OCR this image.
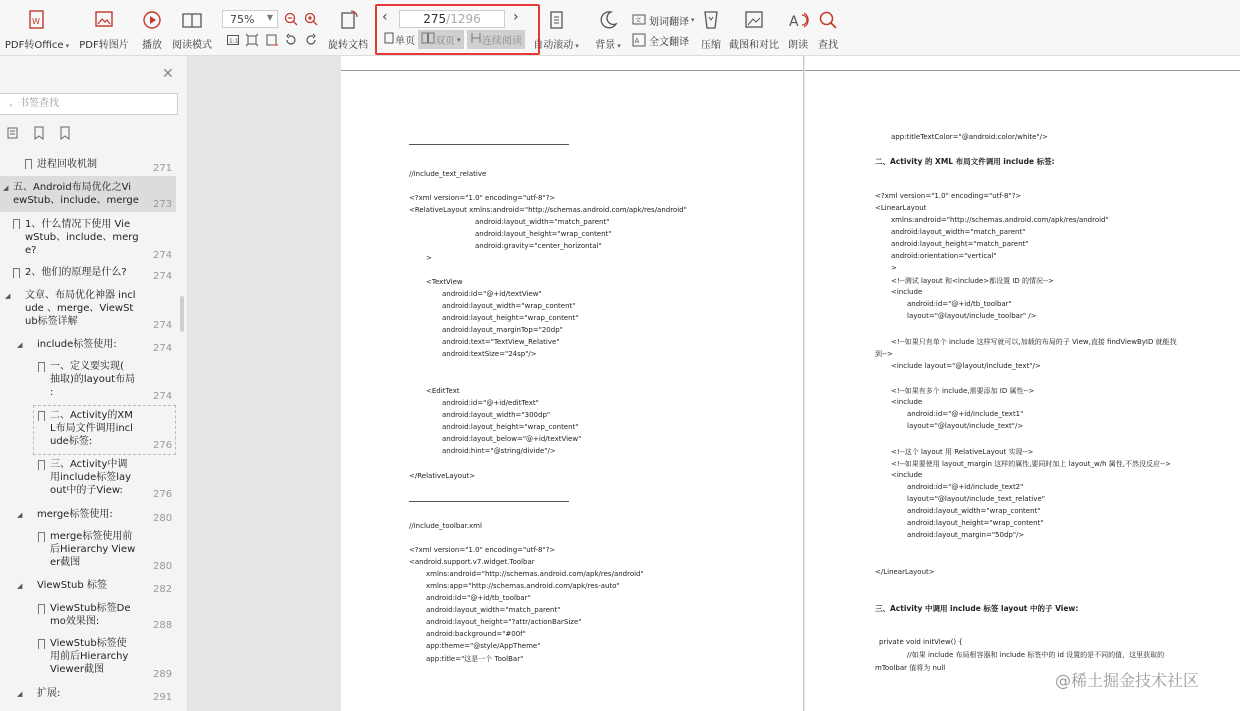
W
PDF转Office ▾ PDF转图片 播放 阅读模式
75% ▼
1:1	旋转文档
‹	275/1296	›
单页 双页 ▾ 连续阅读 自动滚动 ▾ 背景 ▾
文 划词翻译 ▾
A 全文翻译 压缩 截图和对比
A
朗读 查找
✕
、书签查找
进程回收机制	271
◢ 五、Android布局优化之Vi
ewStub、include、merge 273
1、什么情况下使用 Vie
wStub、include、merg
e?	274
2、他们的原理是什么?	274
◢ 文章、布局优化神器 incl
ude 、merge、ViewSt
ub标签详解	274
◢ include标签使用:	274
一、定义要实现(
抽取)的layout布局
:	274
二、Activity的XM
L布局文件调用incl
ude标签:	276
三、Activity中调
用include标签lay
out中的子View:	276
◢ merge标签使用:	280
merge标签使用前
后Hierarchy View
er截图	280
◢ ViewStub 标签	282
ViewStub标签De
mo效果图:	288
ViewStub标签使
用前后Hierarchy
Viewer截图	289
◢ 扩展:	291
//include_text_relative
<?xml version="1.0" encoding="utf-8"?>
<RelativeLayout xmlns:android="http://schemas.android.com/apk/res/android"
android:layout_width="match_parent"
android:layout_height="wrap_content"
android:gravity="center_horizontal"
>
<TextView
android:id="@+id/textView"
android:layout_width="wrap_content"
android:layout_height="wrap_content"
android:layout_marginTop="20dp"
android:text="TextView_Relative"
android:textSize="24sp"/>
<EditText
android:id="@+id/editText"
android:layout_width="300dp"
android:layout_height="wrap_content"
android:layout_below="@+id/textView"
android:hint="@string/divide"/>
</RelativeLayout>
//include_toolbar.xml
<?xml version="1.0" encoding="utf-8"?>
<android.support.v7.widget.Toolbar
xmlns:android="http://schemas.android.com/apk/res/android"
xmlns:app="http://schemas.android.com/apk/res-auto"
android:id="@+id/tb_toolbar"
android:layout_width="match_parent"
android:layout_height="?attr/actionBarSize"
android:background="#00f"
app:theme="@style/AppTheme"
app:title="这是一个 ToolBar"
app:titleTextColor="@android:color/white"/>
二、Activity 的 XML 布局文件调用 include 标签:
<?xml version="1.0" encoding="utf-8"?>
<LinearLayout
xmlns:android="http://schemas.android.com/apk/res/android"
android:layout_width="match_parent"
android:layout_height="match_parent"
android:orientation="vertical"
>
<!--测试 layout 和<include>都设置 ID 的情况-->
<include
android:id="@+id/tb_toolbar"
layout="@layout/include_toolbar" />
<!--如果只有单个 include 这样写就可以,加载的布局的子 View,直接 findViewByID 就能找
到-->
<include layout="@layout/include_text"/>
<!--如果有多个 include,需要添加 ID 属性-->
<include
android:id="@+id/include_text1"
layout="@layout/include_text"/>
<!--这个 layout 用 RelativeLayout 实现-->
<!--如果要使用 layout_margin 这样的属性,要同时加上 layout_w/h 属性,不然没反应-->
<include
android:id="@+id/include_text2"
layout="@layout/include_text_relative"
android:layout_width="wrap_content"
android:layout_height="wrap_content"
android:layout_margin="50dp"/>
</LinearLayout>
三、Activity 中调用 include 标签 layout 中的子 View:
private void initView() {
//如果 include 布局根容器和 include 标签中的 id 设置的是不同的值，这里获取的
mToolbar 值将为 null
@稀土掘金技术社区
